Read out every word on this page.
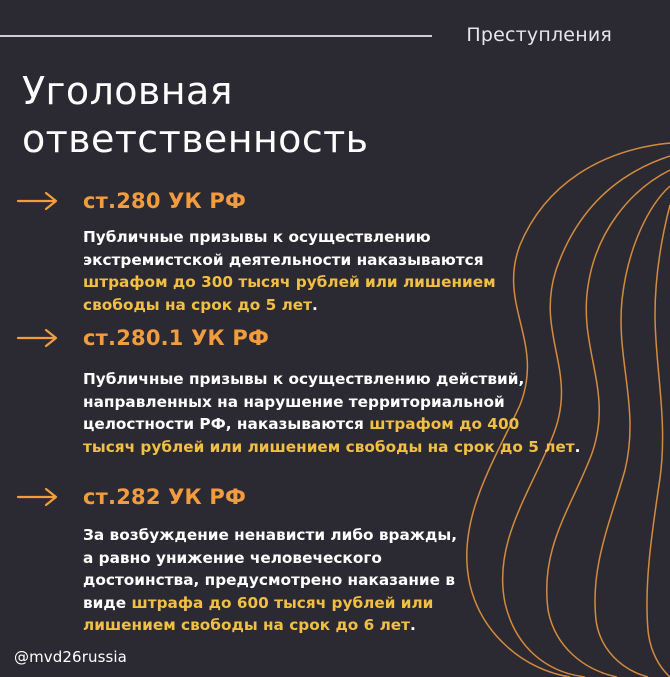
Преступления
Уголовная
ответственность
ст.280 УК РФ
Публичные призывы к осуществлению
экстремистской деятельности наказываются
штрафом до 300 тысяч рублей или лишением
свободы на срок до 5 лет.
ст.280.1 УК РФ
Публичные призывы к осуществлению действий,
направленных на нарушение территориальной
целостности РФ, наказываются штрафом до 400
тысяч рублей или лишением свободы на срок до 5 лет.
ст.282 УК РФ
За возбуждение ненависти либо вражды,
а равно унижение человеческого
достоинства, предусмотрено наказание в
виде штрафа до 600 тысяч рублей или
лишением свободы на срок до 6 лет.
@mvd26russia
